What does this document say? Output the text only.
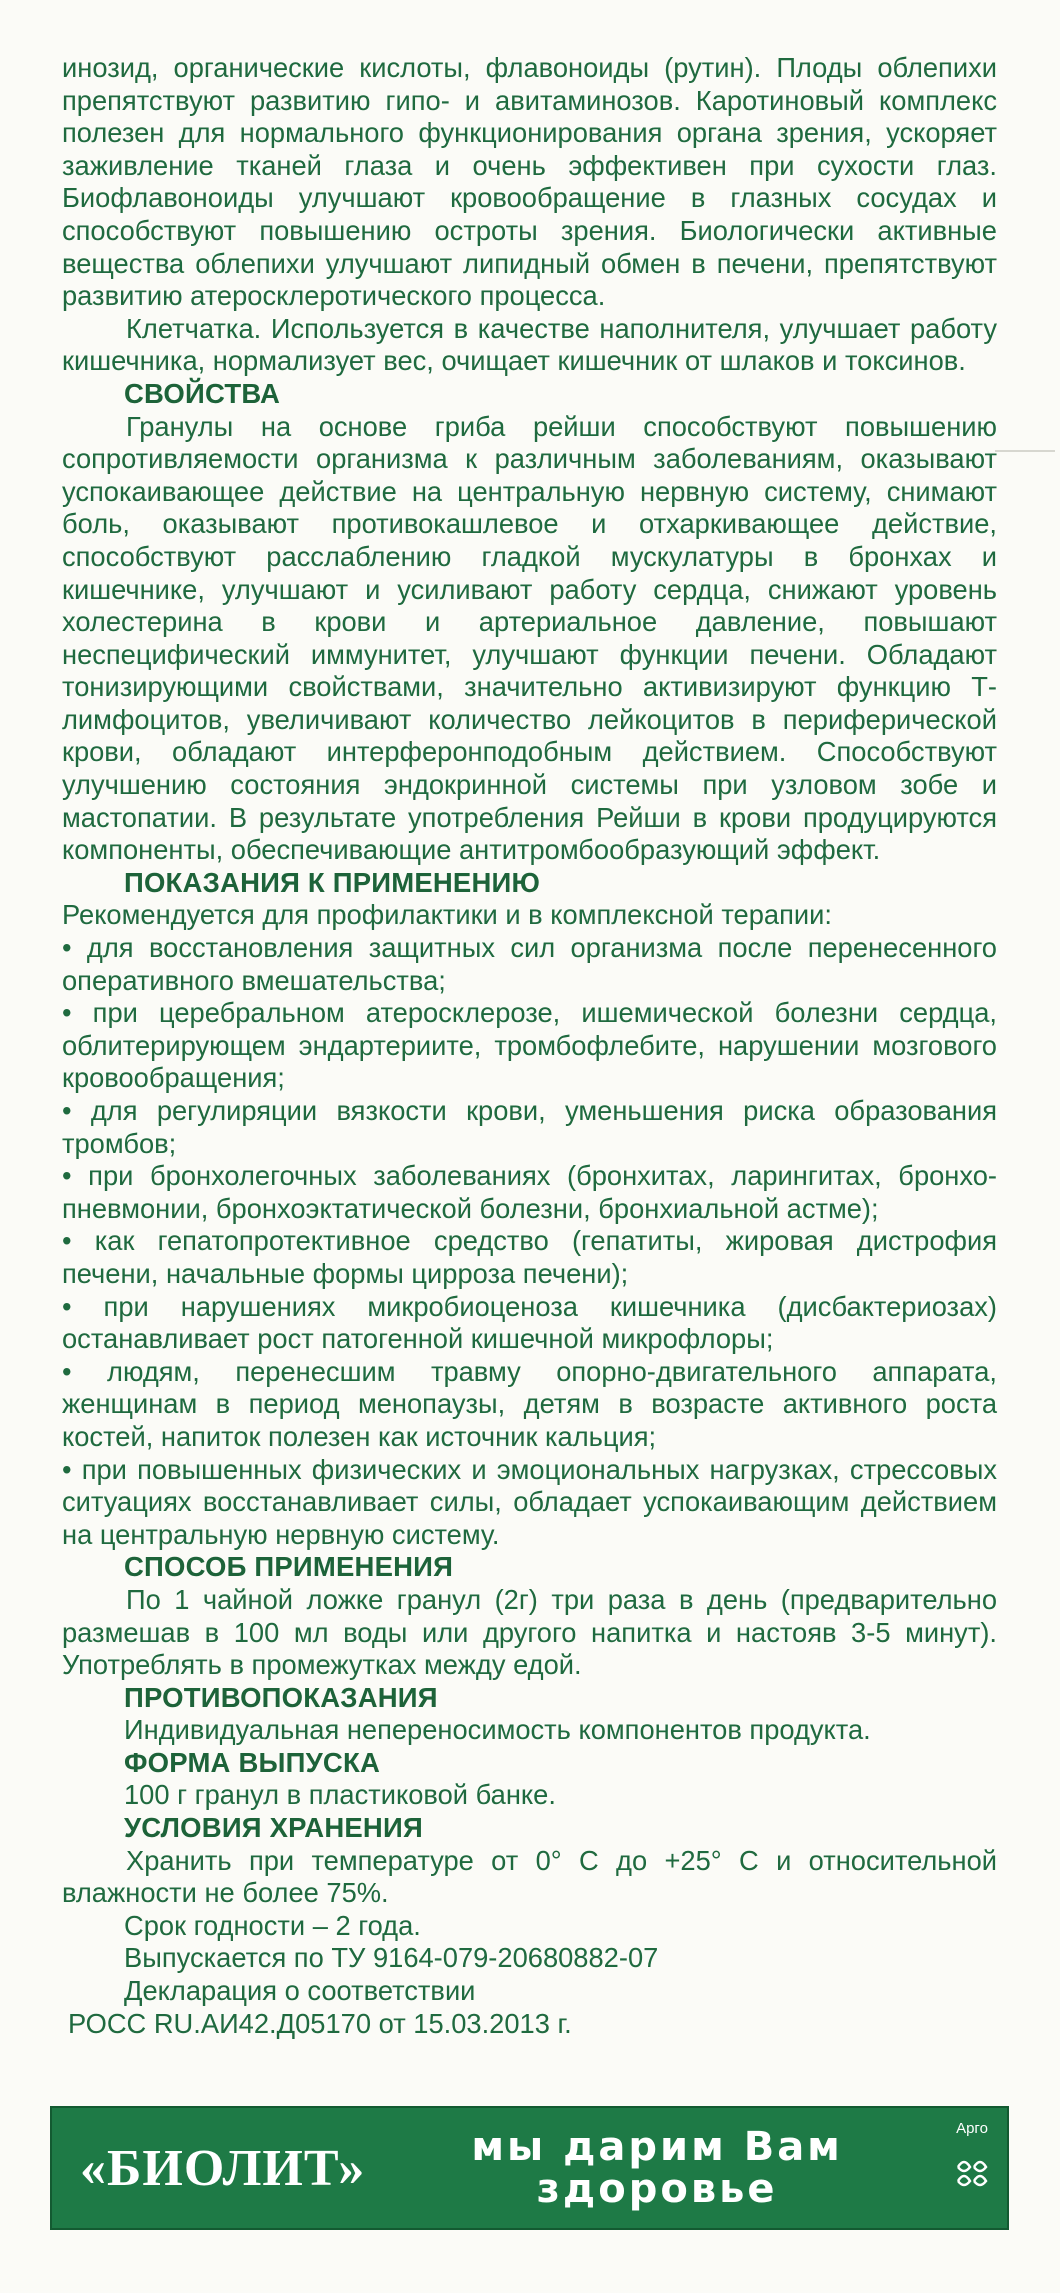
инозид, органические кислоты, флавоноиды (рутин). Плоды облепихи препятствуют развитию гипо- и авитаминозов. Каротиновый комплекс полезен для нормального функционирования органа зрения, ускоряет заживление тканей глаза и очень эффективен при сухости глаз. Биофлавоноиды улучшают кровообращение в глазных сосудах и способствуют повышению остроты зрения. Биологически активные вещества облепихи улучшают липидный обмен в печени, препятствуют развитию атеросклеротического процесса.

Клетчатка. Используется в качестве наполнителя, улучшает работу кишечника, нормализует вес, очищает кишечник от шлаков и токсинов.

СВОЙСТВА

Гранулы на основе гриба рейши способствуют повышению сопротивляемости организма к различным заболеваниям, оказывают успокаивающее действие на центральную нервную систему, снимают боль, оказывают противокашлевое и отхаркивающее действие, способствуют расслаблению гладкой мускулатуры в бронхах и кишечнике, улучшают и усиливают работу сердца, снижают уровень холестерина в крови и артериальное давление, повышают неспецифический иммунитет, улучшают функции печени. Обладают тонизирующими свойствами, значительно активизируют функцию Т-лимфоцитов, увеличивают количество лейкоцитов в периферической крови, обладают интерферонподобным действием. Способствуют улучшению состояния эндокринной системы при узловом зобе и мастопатии. В результате употребления Рейши в крови продуцируются компоненты, обеспечивающие антитромбообразующий эффект.

ПОКАЗАНИЯ К ПРИМЕНЕНИЮ

Рекомендуется для профилактики и в комплексной терапии:

• для восстановления защитных сил организма после перенесенного оперативного вмешательства;

• при церебральном атеросклерозе, ишемической болезни сердца, облитерирующем эндартериите, тромбофлебите, нарушении мозгового кровообращения;

• для регулиряции вязкости крови, уменьшения риска образования тромбов;

• при бронхолегочных заболеваниях (бронхитах, ларингитах, бронхо-пневмонии, бронхоэктатической болезни, бронхиальной астме);

• как гепатопротективное средство (гепатиты, жировая дистрофия печени, начальные формы цирроза печени);

• при нарушениях микробиоценоза кишечника (дисбактериозах) останавливает рост патогенной кишечной микрофлоры;

• людям, перенесшим травму опорно-двигательного аппарата, женщинам в период менопаузы, детям в возрасте активного роста костей, напиток полезен как источник кальция;

• при повышенных физических и эмоциональных нагрузках, стрессовых ситуациях восстанавливает силы, обладает успокаивающим действием на центральную нервную систему.

СПОСОБ ПРИМЕНЕНИЯ

По 1 чайной ложке гранул (2г) три раза в день (предварительно размешав в 100 мл воды или другого напитка и настояв 3-5 минут). Употреблять в промежутках между едой.

ПРОТИВОПОКАЗАНИЯ

Индивидуальная непереносимость компонентов продукта.

ФОРМА ВЫПУСКА

100 г гранул в пластиковой банке.

УСЛОВИЯ ХРАНЕНИЯ

Хранить при температуре от 0° С до +25° С и относительной влажности не более 75%.

Срок годности – 2 года.

Выпускается по ТУ 9164-079-20680882-07

Декларация о соответствии

РОСС RU.АИ42.Д05170 от 15.03.2013 г.

«БИОЛИТ»	мы дарим Вам
здоровье
Арго
